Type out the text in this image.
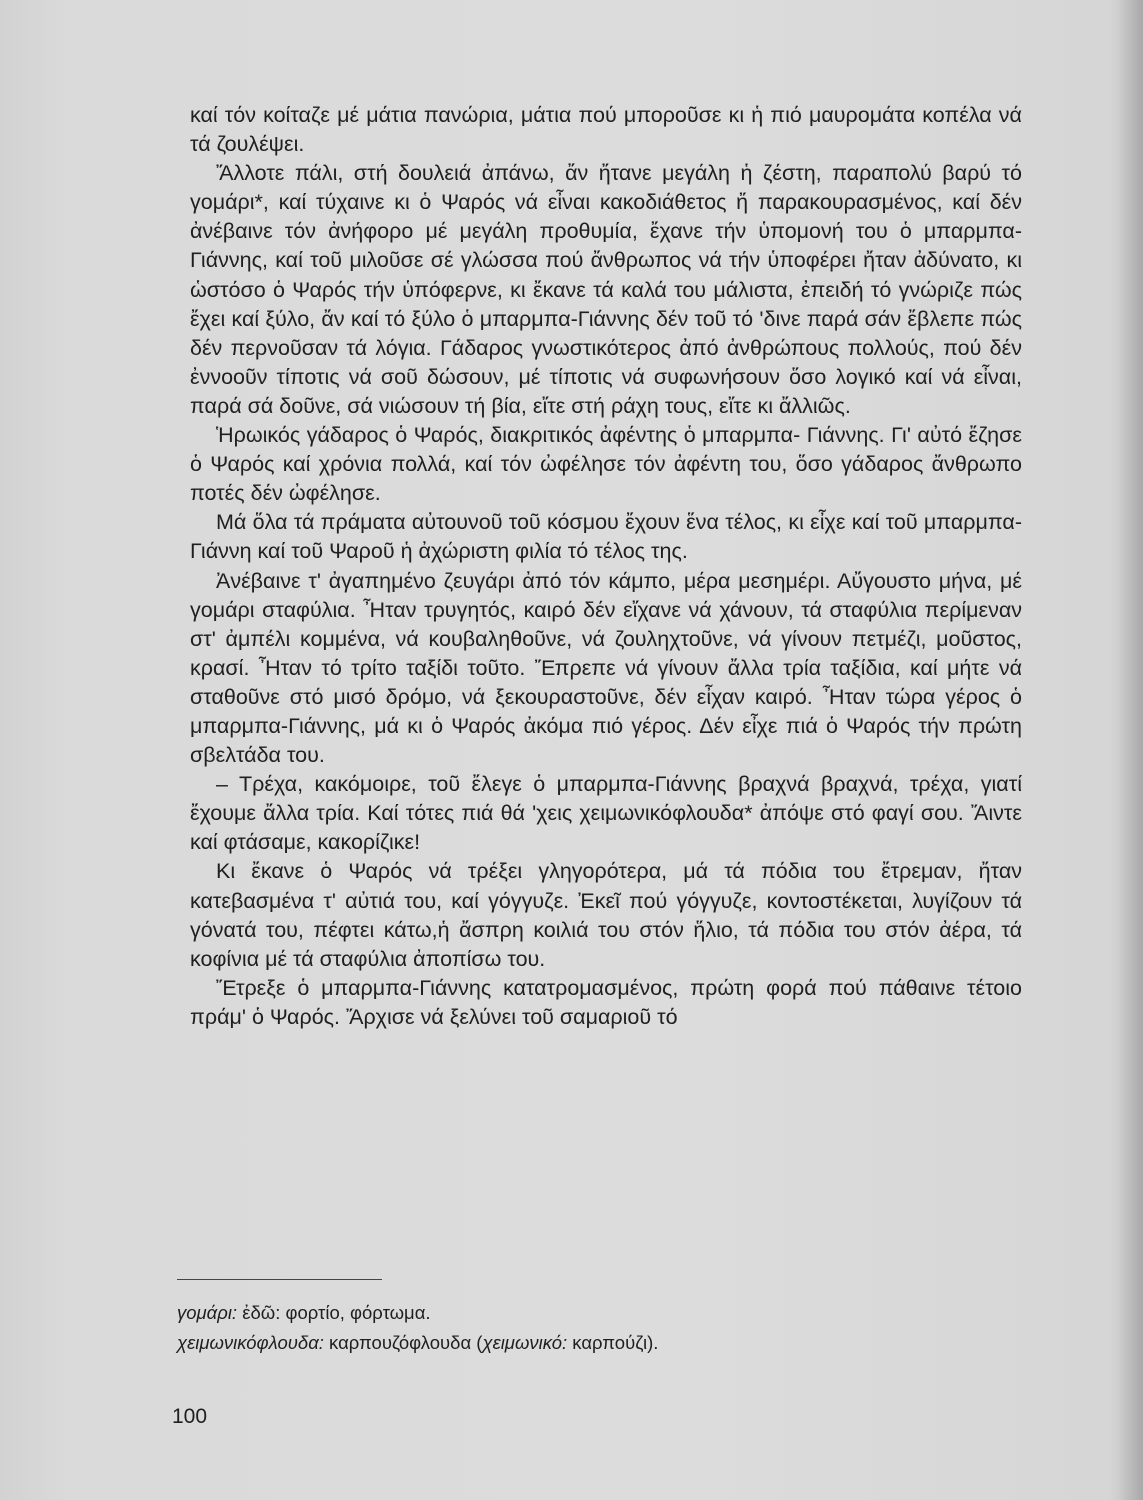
καί τόν κοίταζε μέ μάτια πανώρια, μάτια πού μποροῦσε κι ἡ πιό μαυρομάτα κοπέλα νά τά ζουλέψει.

Ἄλλοτε πάλι, στή δουλειά ἀπάνω, ἄν ἤτανε μεγάλη ἡ ζέστη, παραπολύ βαρύ τό γομάρι*, καί τύχαινε κι ὁ Ψαρός νά εἶναι κακοδιάθετος ἤ παρακουρασμένος, καί δέν ἀνέβαινε τόν ἀνήφορο μέ μεγάλη προθυμία, ἔχανε τήν ὑπομονή του ὁ μπαρμπα-Γιάννης, καί τοῦ μιλοῦσε σέ γλώσσα πού ἄνθρωπος νά τήν ὑποφέρει ἤταν ἀδύνατο, κι ὡστόσο ὁ Ψαρός τήν ὑπόφερνε, κι ἔκανε τά καλά του μάλιστα, ἐπειδή τό γνώριζε πώς ἔχει καί ξύλο, ἄν καί τό ξύλο ὁ μπαρμπα-Γιάννης δέν τοῦ τό 'δινε παρά σάν ἔβλεπε πώς δέν περνοῦσαν τά λόγια. Γάδαρος γνωστικότερος ἀπό ἀνθρώπους πολλούς, πού δέν ἐννοοῦν τίποτις νά σοῦ δώσουν, μέ τίποτις νά συφωνήσουν ὅσο λογικό καί νά εἶναι, παρά σά δοῦνε, σά νιώσουν τή βία, εἴτε στή ράχη τους, εἴτε κι ἄλλιῶς.

Ἡρωικός γάδαρος ὁ Ψαρός, διακριτικός ἀφέντης ὁ μπαρμπα- Γιάννης. Γι' αὐτό ἔζησε ὁ Ψαρός καί χρόνια πολλά, καί τόν ὠφέλησε τόν ἀφέντη του, ὅσο γάδαρος ἄνθρωπο ποτές δέν ὠφέλησε.

Μά ὅλα τά πράματα αὐτουνοῦ τοῦ κόσμου ἔχουν ἕνα τέλος, κι εἶχε καί τοῦ μπαρμπα-Γιάννη καί τοῦ Ψαροῦ ἡ ἀχώριστη φιλία τό τέλος της.

Ἀνέβαινε τ' ἀγαπημένο ζευγάρι ἀπό τόν κάμπο, μέρα μεσημέρι. Αὔγουστο μήνα, μέ γομάρι σταφύλια. Ἦταν τρυγητός, καιρό δέν εἴχανε νά χάνουν, τά σταφύλια περίμεναν στ' ἀμπέλι κομμένα, νά κουβαληθοῦνε, νά ζουληχτοῦνε, νά γίνουν πετμέζι, μοῦστος, κρασί. Ἦταν τό τρίτο ταξίδι τοῦτο. Ἔπρεπε νά γίνουν ἄλλα τρία ταξίδια, καί μήτε νά σταθοῦνε στό μισό δρόμο, νά ξεκουραστοῦνε, δέν εἶχαν καιρό. Ἦταν τώρα γέρος ὁ μπαρμπα-Γιάννης, μά κι ὁ Ψαρός ἀκόμα πιό γέρος. Δέν εἶχε πιά ὁ Ψαρός τήν πρώτη σβελτάδα του.

– Τρέχα, κακόμοιρε, τοῦ ἔλεγε ὁ μπαρμπα-Γιάννης βραχνά βραχνά, τρέχα, γιατί ἔχουμε ἄλλα τρία. Καί τότες πιά θά 'χεις χειμωνικόφλουδα* ἀπόψε στό φαγί σου. Ἄιντε καί φτάσαμε, κακορίζικε!

Κι ἔκανε ὁ Ψαρός νά τρέξει γληγορότερα, μά τά πόδια του ἔτρεμαν, ἤταν κατεβασμένα τ' αὐτιά του, καί γόγγυζε. Ἐκεῖ πού γόγγυζε, κοντοστέκεται, λυγίζουν τά γόνατά του, πέφτει κάτω,ἡ ἄσπρη κοιλιά του στόν ἥλιο, τά πόδια του στόν ἀέρα, τά κοφίνια μέ τά σταφύλια ἀποπίσω του.

Ἔτρεξε ὁ μπαρμπα-Γιάννης κατατρομασμένος, πρώτη φορά πού πάθαινε τέτοιο πράμ' ὁ Ψαρός. Ἄρχισε νά ξελύνει τοῦ σαμαριοῦ τό

γομάρι: ἐδῶ: φορτίο, φόρτωμα.
χειμωνικόφλουδα: καρπουζόφλουδα (χειμωνικό: καρπούζι).
100
